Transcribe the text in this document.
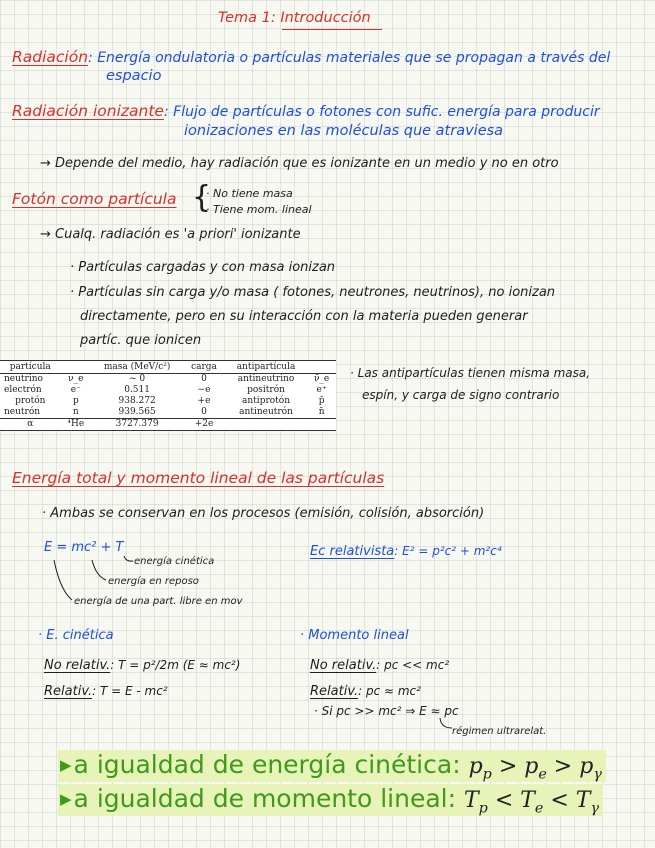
Tema 1: Introducción
Radiación: Energía ondulatoria o partículas materiales que se propagan a través del
espacio
Radiación ionizante: Flujo de partículas o fotones con sufic. energía para producir
ionizaciones en las moléculas que atraviesa
→ Depende del medio, hay radiación que es ionizante en un medio y no en otro
Fotón como partícula {
· No tiene masa
· Tiene mom. lineal
→ Cualq. radiación es 'a priori' ionizante
· Partículas cargadas y con masa ionizan
· Partículas sin carga y/o masa ( fotones, neutrones, neutrinos), no ionizan
directamente, pero en su interacción con la materia pueden generar
partíc. que ionicen
partícula		masa (MeV/c²)	carga	antipartícula	
neutrino	ν_e	~ 0	0	antineutrino	ν̄_e
electrón	e⁻	0.511	−e	positrón	e⁺
protón	p	938.272	+e	antiprotón	p̄
neutrón	n	939.565	0	antineutrón	n̄
α	⁴He	3727.379	+2e		
· Las antipartículas tienen misma masa,
espín, y carga de signo contrario
Energía total y momento lineal de las partículas
· Ambas se conservan en los procesos (emisión, colisión, absorción)
E = mc² + T
energía cinética
energía en reposo
energía de una part. libre en mov
Ec relativista: E² = p²c² + m²c⁴
· E. cinética
No relativ.: T = p²/2m (E ≈ mc²)
Relativ.: T = E - mc²
· Momento lineal
No relativ.: pc << mc²
Relativ.: pc ≈ mc²
· Si pc >> mc² ⇒ E ≈ pc
régimen ultrarelat.
▶a igualdad de energía cinética: $p_p > p_e > p_\gamma$
▶a igualdad de momento lineal: $T_p < T_e < T_\gamma$
